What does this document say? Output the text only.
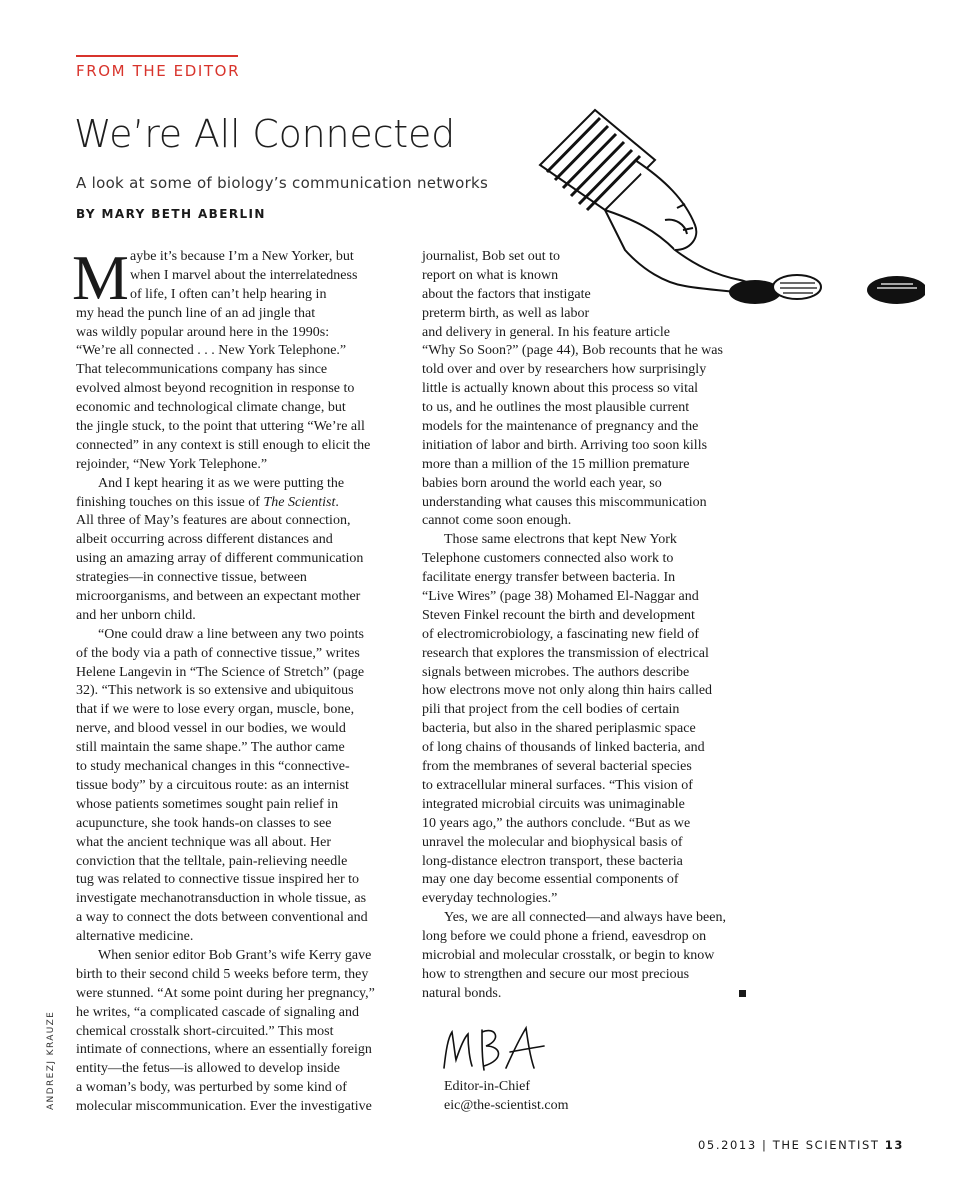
FROM THE EDITOR
We’re All Connected
A look at some of biology’s communication networks
BY MARY BETH ABERLIN
M aybe it’s because I’m a New Yorker, but
when I marvel about the interrelatedness
of life, I often can’t help hearing in
my head the punch line of an ad jingle that
was wildly popular around here in the 1990s:
“We’re all connected . . . New York Telephone.”
That telecommunications company has since
evolved almost beyond recognition in response to
economic and technological climate change, but
the jingle stuck, to the point that uttering “We’re all
connected” in any context is still enough to elicit the
rejoinder, “New York Telephone.”
And I kept hearing it as we were putting the
finishing touches on this issue of The Scientist.
All three of May’s features are about connection,
albeit occurring across different distances and
using an amazing array of different communication
strategies—in connective tissue, between
microorganisms, and between an expectant mother
and her unborn child.
“One could draw a line between any two points
of the body via a path of connective tissue,” writes
Helene Langevin in “The Science of Stretch” (page
32). “This network is so extensive and ubiquitous
that if we were to lose every organ, muscle, bone,
nerve, and blood vessel in our bodies, we would
still maintain the same shape.” The author came
to study mechanical changes in this “connective-
tissue body” by a circuitous route: as an internist
whose patients sometimes sought pain relief in
acupuncture, she took hands-on classes to see
what the ancient technique was all about. Her
conviction that the telltale, pain-relieving needle
tug was related to connective tissue inspired her to
investigate mechanotransduction in whole tissue, as
a way to connect the dots between conventional and
alternative medicine.
When senior editor Bob Grant’s wife Kerry gave
birth to their second child 5 weeks before term, they
were stunned. “At some point during her pregnancy,”
he writes, “a complicated cascade of signaling and
chemical crosstalk short-circuited.” This most
intimate of connections, where an essentially foreign
entity—the fetus—is allowed to develop inside
a woman’s body, was perturbed by some kind of
molecular miscommunication. Ever the investigative
journalist, Bob set out to
report on what is known
about the factors that instigate
preterm birth, as well as labor
and delivery in general. In his feature article
“Why So Soon?” (page 44), Bob recounts that he was
told over and over by researchers how surprisingly
little is actually known about this process so vital
to us, and he outlines the most plausible current
models for the maintenance of pregnancy and the
initiation of labor and birth. Arriving too soon kills
more than a million of the 15 million premature
babies born around the world each year, so
understanding what causes this miscommunication
cannot come soon enough.
Those same electrons that kept New York
Telephone customers connected also work to
facilitate energy transfer between bacteria. In
“Live Wires” (page 38) Mohamed El-Naggar and
Steven Finkel recount the birth and development
of electromicrobiology, a fascinating new field of
research that explores the transmission of electrical
signals between microbes. The authors describe
how electrons move not only along thin hairs called
pili that project from the cell bodies of certain
bacteria, but also in the shared periplasmic space
of long chains of thousands of linked bacteria, and
from the membranes of several bacterial species
to extracellular mineral surfaces. “This vision of
integrated microbial circuits was unimaginable
10 years ago,” the authors conclude. “But as we
unravel the molecular and biophysical basis of
long-distance electron transport, these bacteria
may one day become essential components of
everyday technologies.”
Yes, we are all connected—and always have been,
long before we could phone a friend, eavesdrop on
microbial and molecular crosstalk, or begin to know
how to strengthen and secure our most precious
natural bonds.
Editor-in-Chief
eic@the-scientist.com
ANDREZJ KRAUZE
05.2013 | THE SCIENTIST 13
